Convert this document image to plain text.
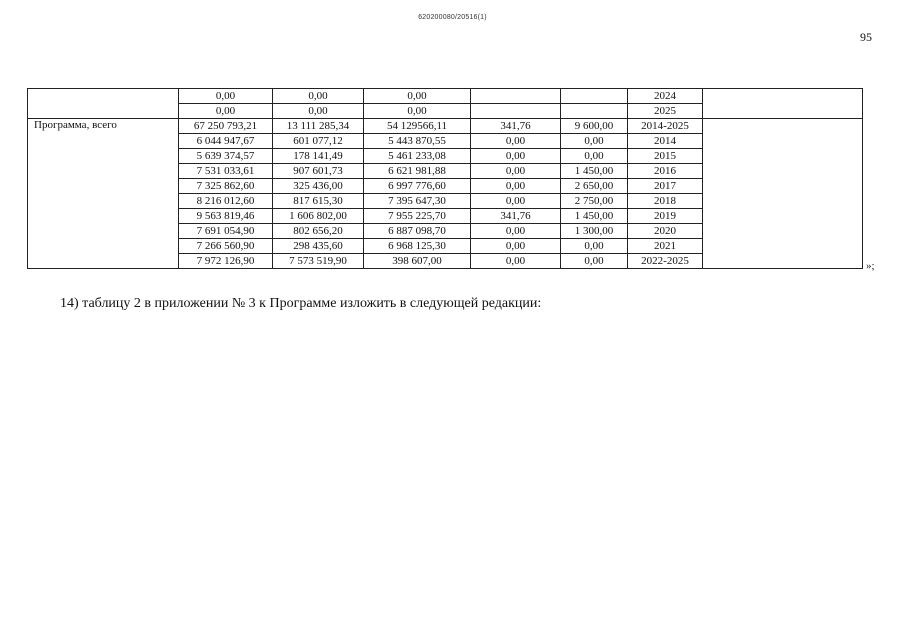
620200080/20516(1)
95
	0,00	0,00	0,00			2024	
	0,00	0,00	0,00			2025	
Программа, всего	67 250 793,21	13 111 285,34	54 129566,11	341,76	9 600,00	2014-2025	
	6 044 947,67	601 077,12	5 443 870,55	0,00	0,00	2014	
	5 639 374,57	178 141,49	5 461 233,08	0,00	0,00	2015	
	7 531 033,61	907 601,73	6 621 981,88	0,00	1 450,00	2016	
	7 325 862,60	325 436,00	6 997 776,60	0,00	2 650,00	2017	
	8 216 012,60	817 615,30	7 395 647,30	0,00	2 750,00	2018	
	9 563 819,46	1 606 802,00	7 955 225,70	341,76	1 450,00	2019	
	7 691 054,90	802 656,20	6 887 098,70	0,00	1 300,00	2020	
	7 266 560,90	298 435,60	6 968 125,30	0,00	0,00	2021	
	7 972 126,90	7 573 519,90	398 607,00	0,00	0,00	2022-2025		»;
14) таблицу 2 в приложении № 3 к Программе изложить в следующей редакции:
